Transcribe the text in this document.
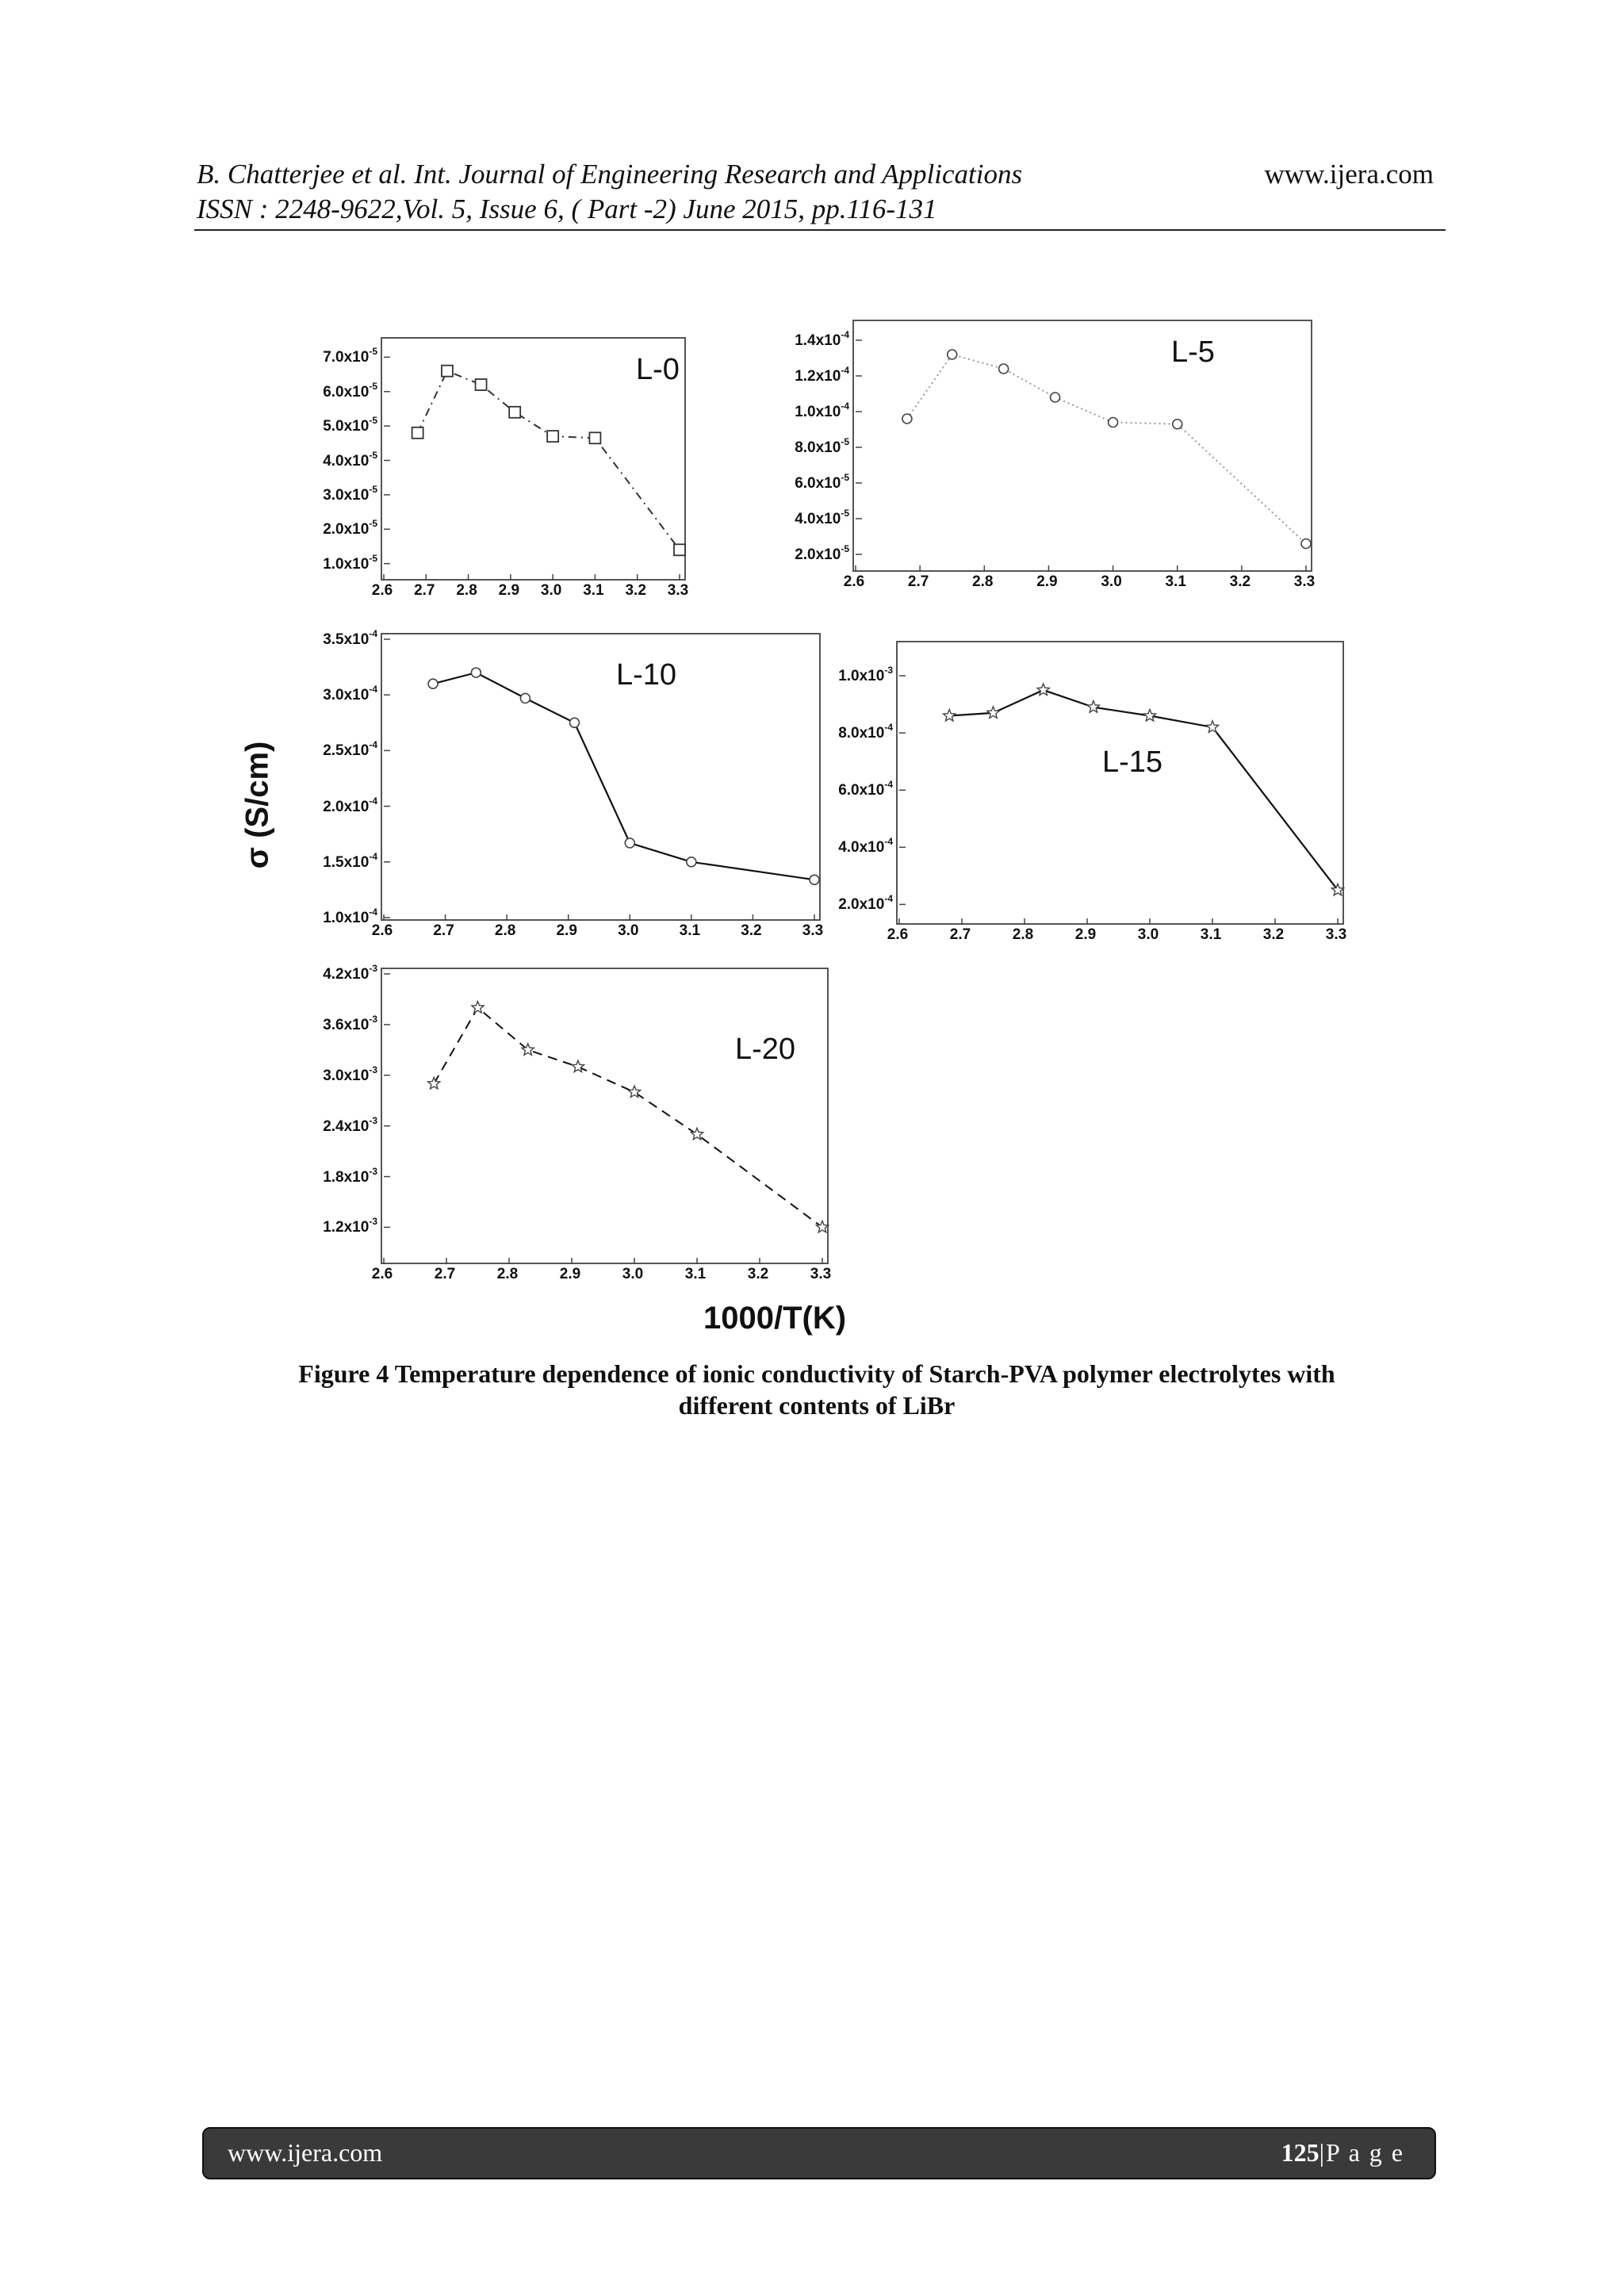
B. Chatterjee et al. Int. Journal of Engineering Research and Applications
ISSN : 2248-9622,Vol. 5, Issue 6, ( Part -2) June 2015, pp.116-131
www.ijera.com
L-0
2.6 2.7 2.8 2.9 3.0 3.1 3.2 3.3
$1.0x10^{-5}$
$2.0x10^{-5}$
$3.0x10^{-5}$
$4.0x10^{-5}$
$5.0x10^{-5}$
$6.0x10^{-5}$
$7.0x10^{-5}$	L-5
2.6	2.7	2.8	2.9	3.0	3.1	3.2	3.3
$2.0x10^{-5}$
$4.0x10^{-5}$
$6.0x10^{-5}$
$8.0x10^{-5}$
$1.0x10^{-4}$
$1.2x10^{-4}$
$1.4x10^{-4}$
L-10
2.6	2.7	2.8	2.9	3.0	3.1	3.2	3.3
$1.0x10^{-4}$
$1.5x10^{-4}$
$2.0x10^{-4}$
$2.5x10^{-4}$
$3.0x10^{-4}$
$3.5x10^{-4}$
L-15
2.6	2.7	2.8	2.9	3.0	3.1	3.2	3.3
$2.0x10^{-4}$
$4.0x10^{-4}$
$6.0x10^{-4}$
$8.0x10^{-4}$
$1.0x10^{-3}$
L-20
2.6	2.7	2.8	2.9	3.0	3.1	3.2	3.3
$1.2x10^{-3}$
$1.8x10^{-3}$
$2.4x10^{-3}$
$3.0x10^{-3}$
$3.6x10^{-3}$
$4.2x10^{-3}$
σ (S/cm)
1000/T(K)
Figure 4 Temperature dependence of ionic conductivity of Starch-PVA polymer electrolytes with
different contents of LiBr
www.ijera.com	125|P a g e
